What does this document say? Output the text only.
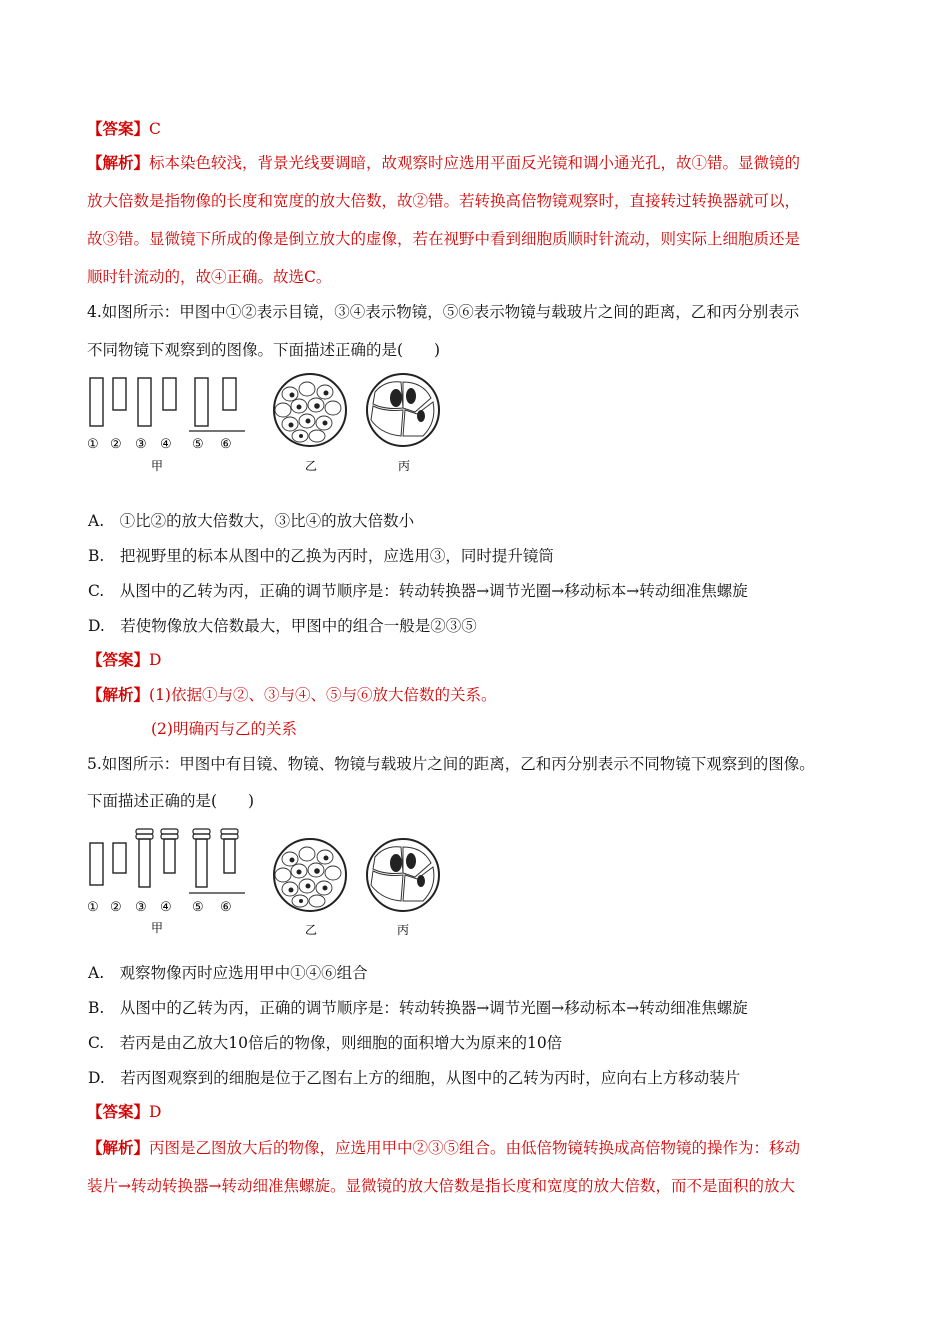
【答案】C
【解析】标本染色较浅，背景光线要调暗，故观察时应选用平面反光镜和调小通光孔，故①错。显微镜的
放大倍数是指物像的长度和宽度的放大倍数，故②错。若转换高倍物镜观察时，直接转过转换器就可以，
故③错。显微镜下所成的像是倒立放大的虚像，若在视野中看到细胞质顺时针流动，则实际上细胞质还是
顺时针流动的，故④正确。故选C。
4.如图所示：甲图中①②表示目镜，③④表示物镜，⑤⑥表示物镜与载玻片之间的距离，乙和丙分别表示
不同物镜下观察到的图像。下面描述正确的是(　　)
① ② ③ ④ ⑤ ⑥
甲	乙	丙
A.　①比②的放大倍数大，③比④的放大倍数小
B.　把视野里的标本从图中的乙换为丙时，应选用③，同时提升镜筒
C.　从图中的乙转为丙，正确的调节顺序是：转动转换器→调节光圈→移动标本→转动细准焦螺旋
D.　若使物像放大倍数最大，甲图中的组合一般是②③⑤
【答案】D
【解析】(1)依据①与②、③与④、⑤与⑥放大倍数的关系。
(2)明确丙与乙的关系
5.如图所示：甲图中有目镜、物镜、物镜与载玻片之间的距离，乙和丙分别表示不同物镜下观察到的图像。
下面描述正确的是(　　)
① ② ③ ④ ⑤ ⑥
甲	乙	丙
A.　观察物像丙时应选用甲中①④⑥组合
B.　从图中的乙转为丙，正确的调节顺序是：转动转换器→调节光圈→移动标本→转动细准焦螺旋
C.　若丙是由乙放大10倍后的物像，则细胞的面积增大为原来的10倍
D.　若丙图观察到的细胞是位于乙图右上方的细胞，从图中的乙转为丙时，应向右上方移动装片
【答案】D
【解析】丙图是乙图放大后的物像，应选用甲中②③⑤组合。由低倍物镜转换成高倍物镜的操作为：移动
装片→转动转换器→转动细准焦螺旋。显微镜的放大倍数是指长度和宽度的放大倍数，而不是面积的放大
